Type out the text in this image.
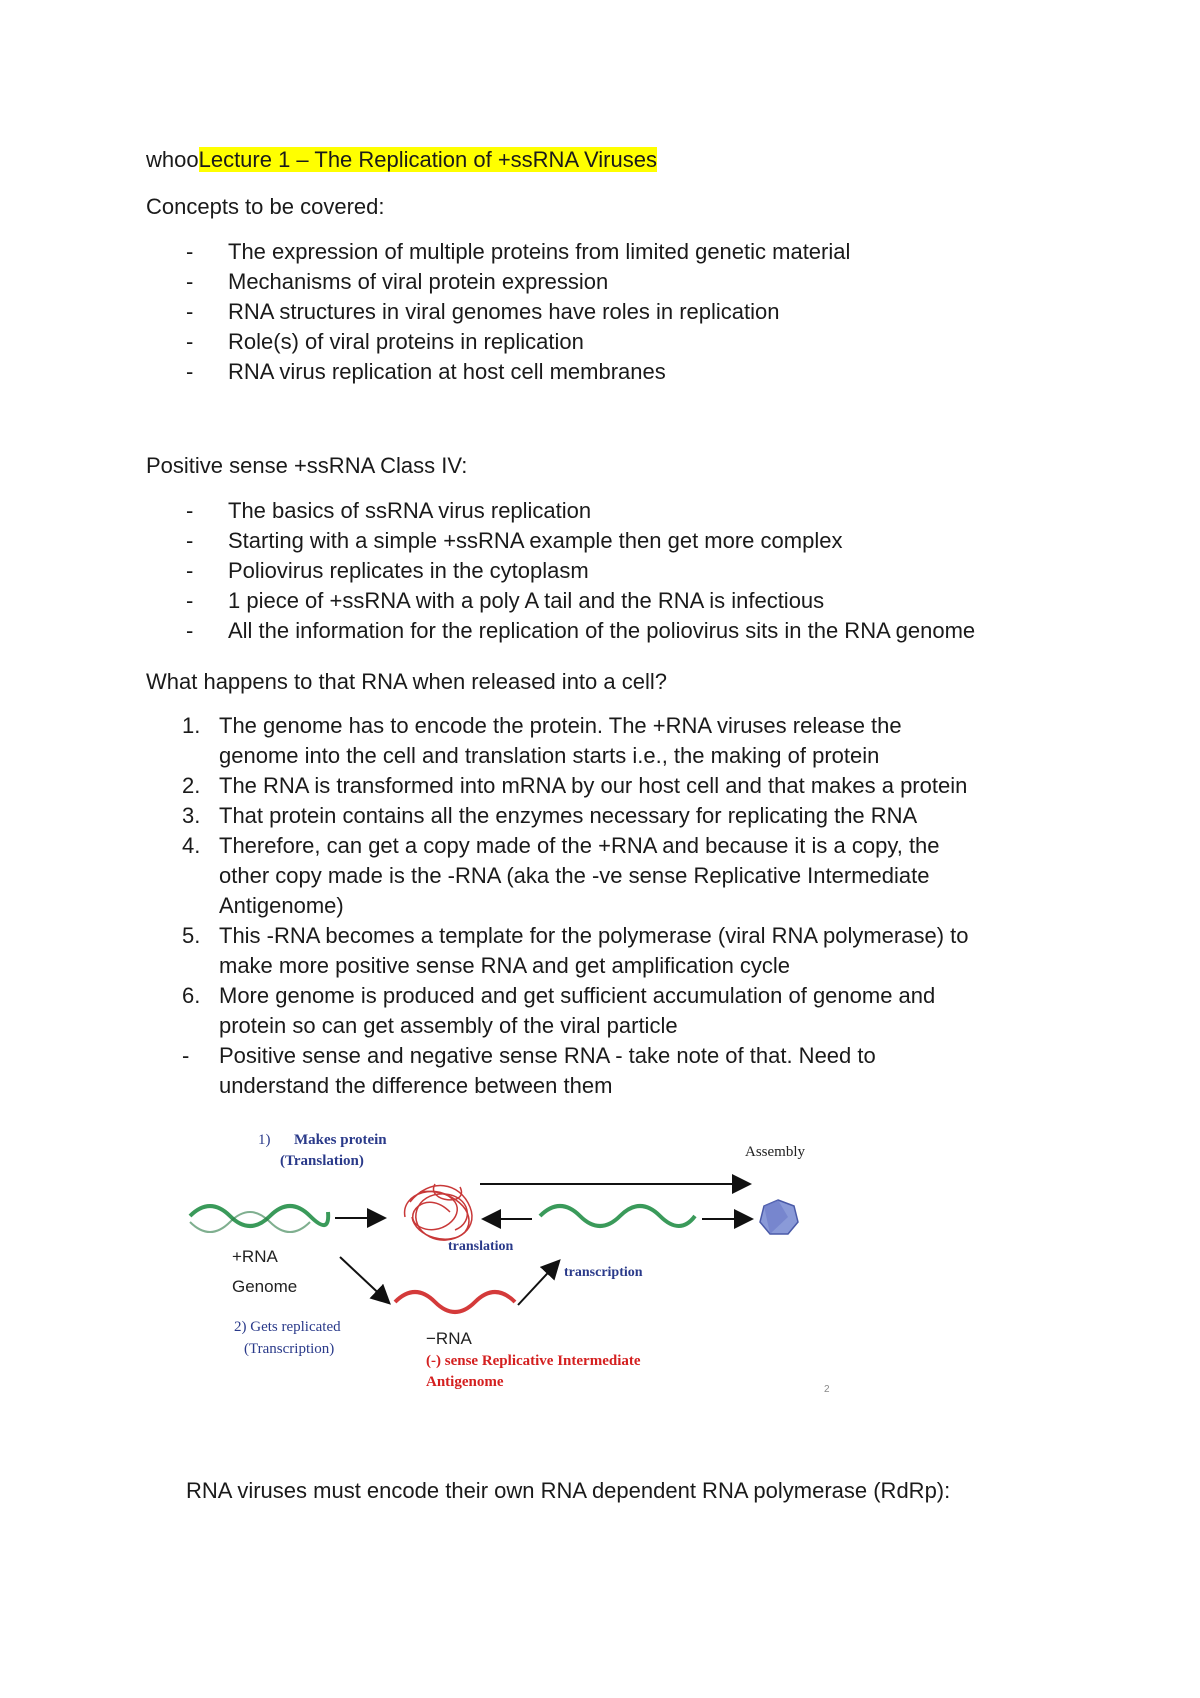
whooLecture 1 – The Replication of +ssRNA Viruses
Concepts to be covered:
-	The expression of multiple proteins from limited genetic material
-	Mechanisms of viral protein expression
-	RNA structures in viral genomes have roles in replication
-	Role(s) of viral proteins in replication
-	RNA virus replication at host cell membranes
Positive sense +ssRNA Class IV:
-	The basics of ssRNA virus replication
-	Starting with a simple +ssRNA example then get more complex
-	Poliovirus replicates in the cytoplasm
-	1 piece of +ssRNA with a poly A tail and the RNA is infectious
-	All the information for the replication of the poliovirus sits in the RNA genome
What happens to that RNA when released into a cell?
1. The genome has to encode the protein. The +RNA viruses release the
genome into the cell and translation starts i.e., the making of protein
2. The RNA is transformed into mRNA by our host cell and that makes a protein
3. That protein contains all the enzymes necessary for replicating the RNA
4. Therefore, can get a copy made of the +RNA and because it is a copy, the
other copy made is the -RNA (aka the -ve sense Replicative Intermediate
Antigenome)
5. This -RNA becomes a template for the polymerase (viral RNA polymerase) to
make more positive sense RNA and get amplification cycle
6. More genome is produced and get sufficient accumulation of genome and
protein so can get assembly of the viral particle
- Positive sense and negative sense RNA - take note of that. Need to
understand the difference between them
1) Makes protein
(Translation)
Assembly
translation
+RNA
Genome
transcription
2) Gets replicated
(Transcription)
−RNA
(-) sense Replicative Intermediate
Antigenome	2
RNA viruses must encode their own RNA dependent RNA polymerase (RdRp):
